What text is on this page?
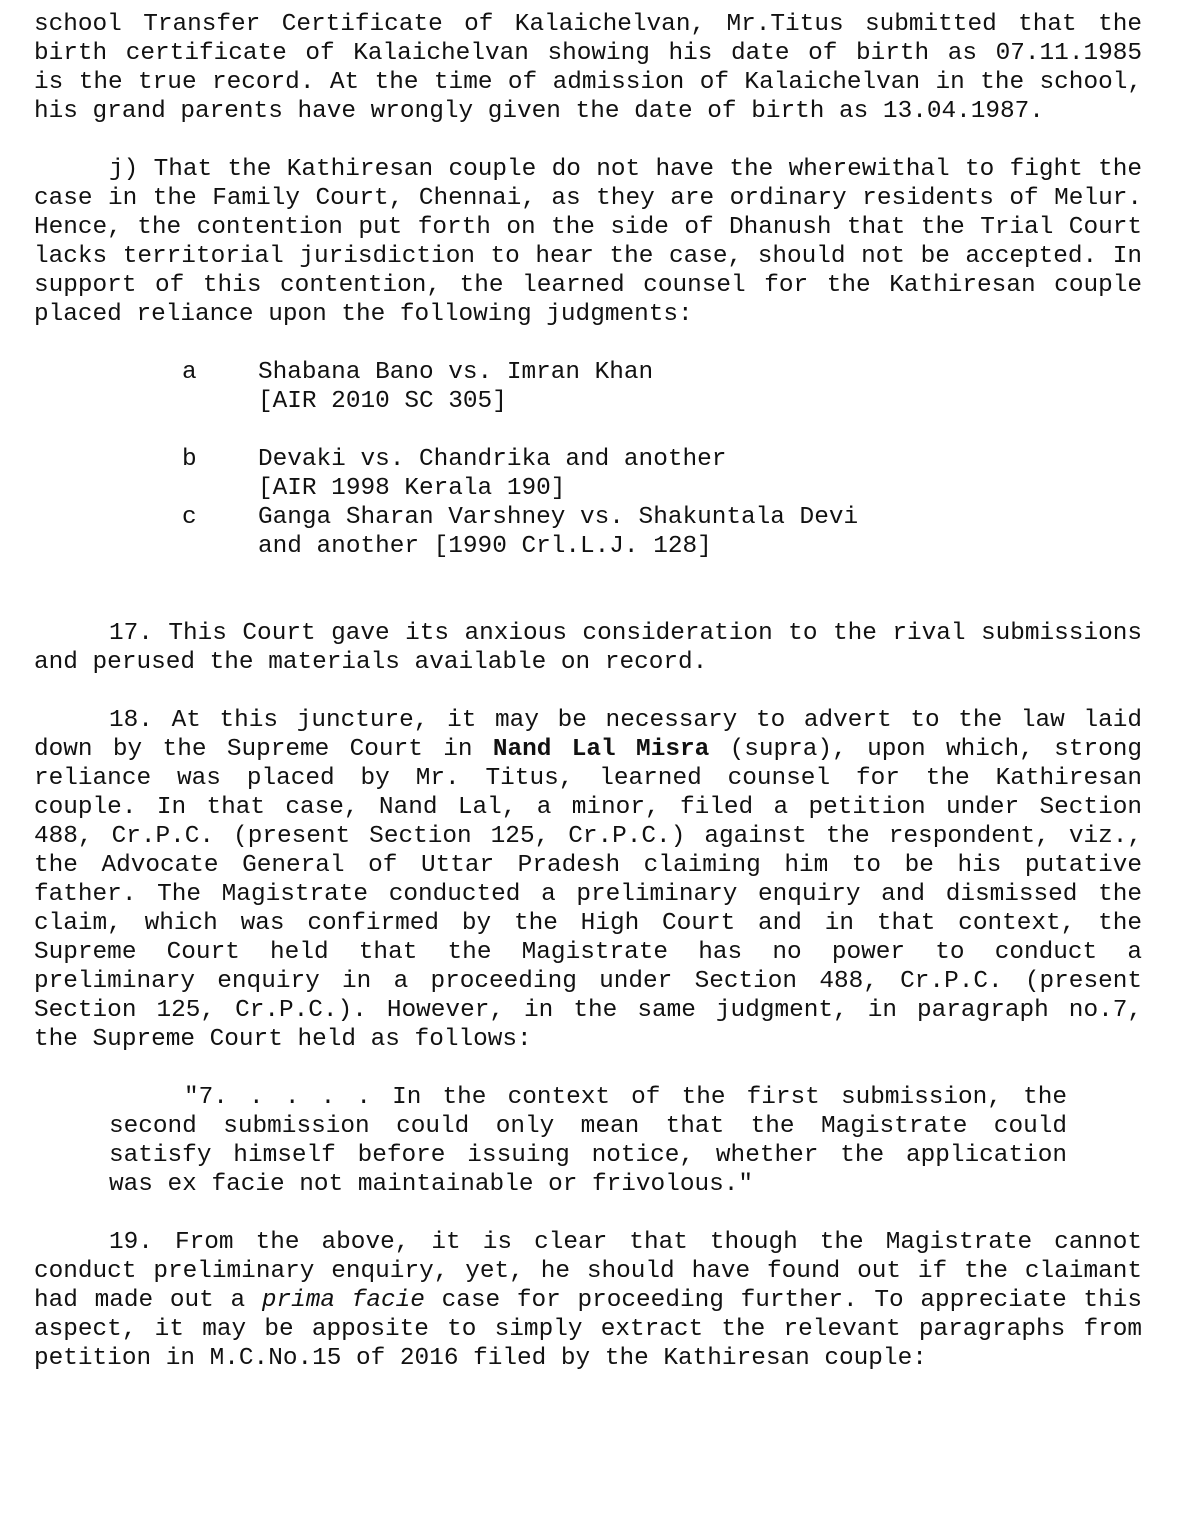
school Transfer Certificate of Kalaichelvan, Mr.Titus submitted that the birth certificate of Kalaichelvan showing his date of birth as 07.11.1985 is the true record. At the time of admission of Kalaichelvan in the school, his grand parents have wrongly given the date of birth as 13.04.1987.

j) That the Kathiresan couple do not have the wherewithal to fight the case in the Family Court, Chennai, as they are ordinary residents of Melur. Hence, the contention put forth on the side of Dhanush that the Trial Court lacks territorial jurisdiction to hear the case, should not be accepted. In support of this contention, the learned counsel for the Kathiresan couple placed reliance upon the following judgments:

a	Shabana Bano vs. Imran Khan
[AIR 2010 SC 305]
b	Devaki vs. Chandrika and another
[AIR 1998 Kerala 190]
c	Ganga Sharan Varshney vs. Shakuntala Devi
and another [1990 Crl.L.J. 128]

17. This Court gave its anxious consideration to the rival submissions and perused the materials available on record.

18. At this juncture, it may be necessary to advert to the law laid down by the Supreme Court in Nand Lal Misra (supra), upon which, strong reliance was placed by Mr. Titus, learned counsel for the Kathiresan couple. In that case, Nand Lal, a minor, filed a petition under Section 488, Cr.P.C. (present Section 125, Cr.P.C.) against the respondent, viz., the Advocate General of Uttar Pradesh claiming him to be his putative father. The Magistrate conducted a preliminary enquiry and dismissed the claim, which was confirmed by the High Court and in that context, the Supreme Court held that the Magistrate has no power to conduct a preliminary enquiry in a proceeding under Section 488, Cr.P.C. (present Section 125, Cr.P.C.). However, in the same judgment, in paragraph no.7, the Supreme Court held as follows:

"7. . . . . In the context of the first submission, the second submission could only mean that the Magistrate could satisfy himself before issuing notice, whether the application was ex facie not maintainable or frivolous."

19. From the above, it is clear that though the Magistrate cannot conduct preliminary enquiry, yet, he should have found out if the claimant had made out a prima facie case for proceeding further. To appreciate this aspect, it may be apposite to simply extract the relevant paragraphs from petition in M.C.No.15 of 2016 filed by the Kathiresan couple:
